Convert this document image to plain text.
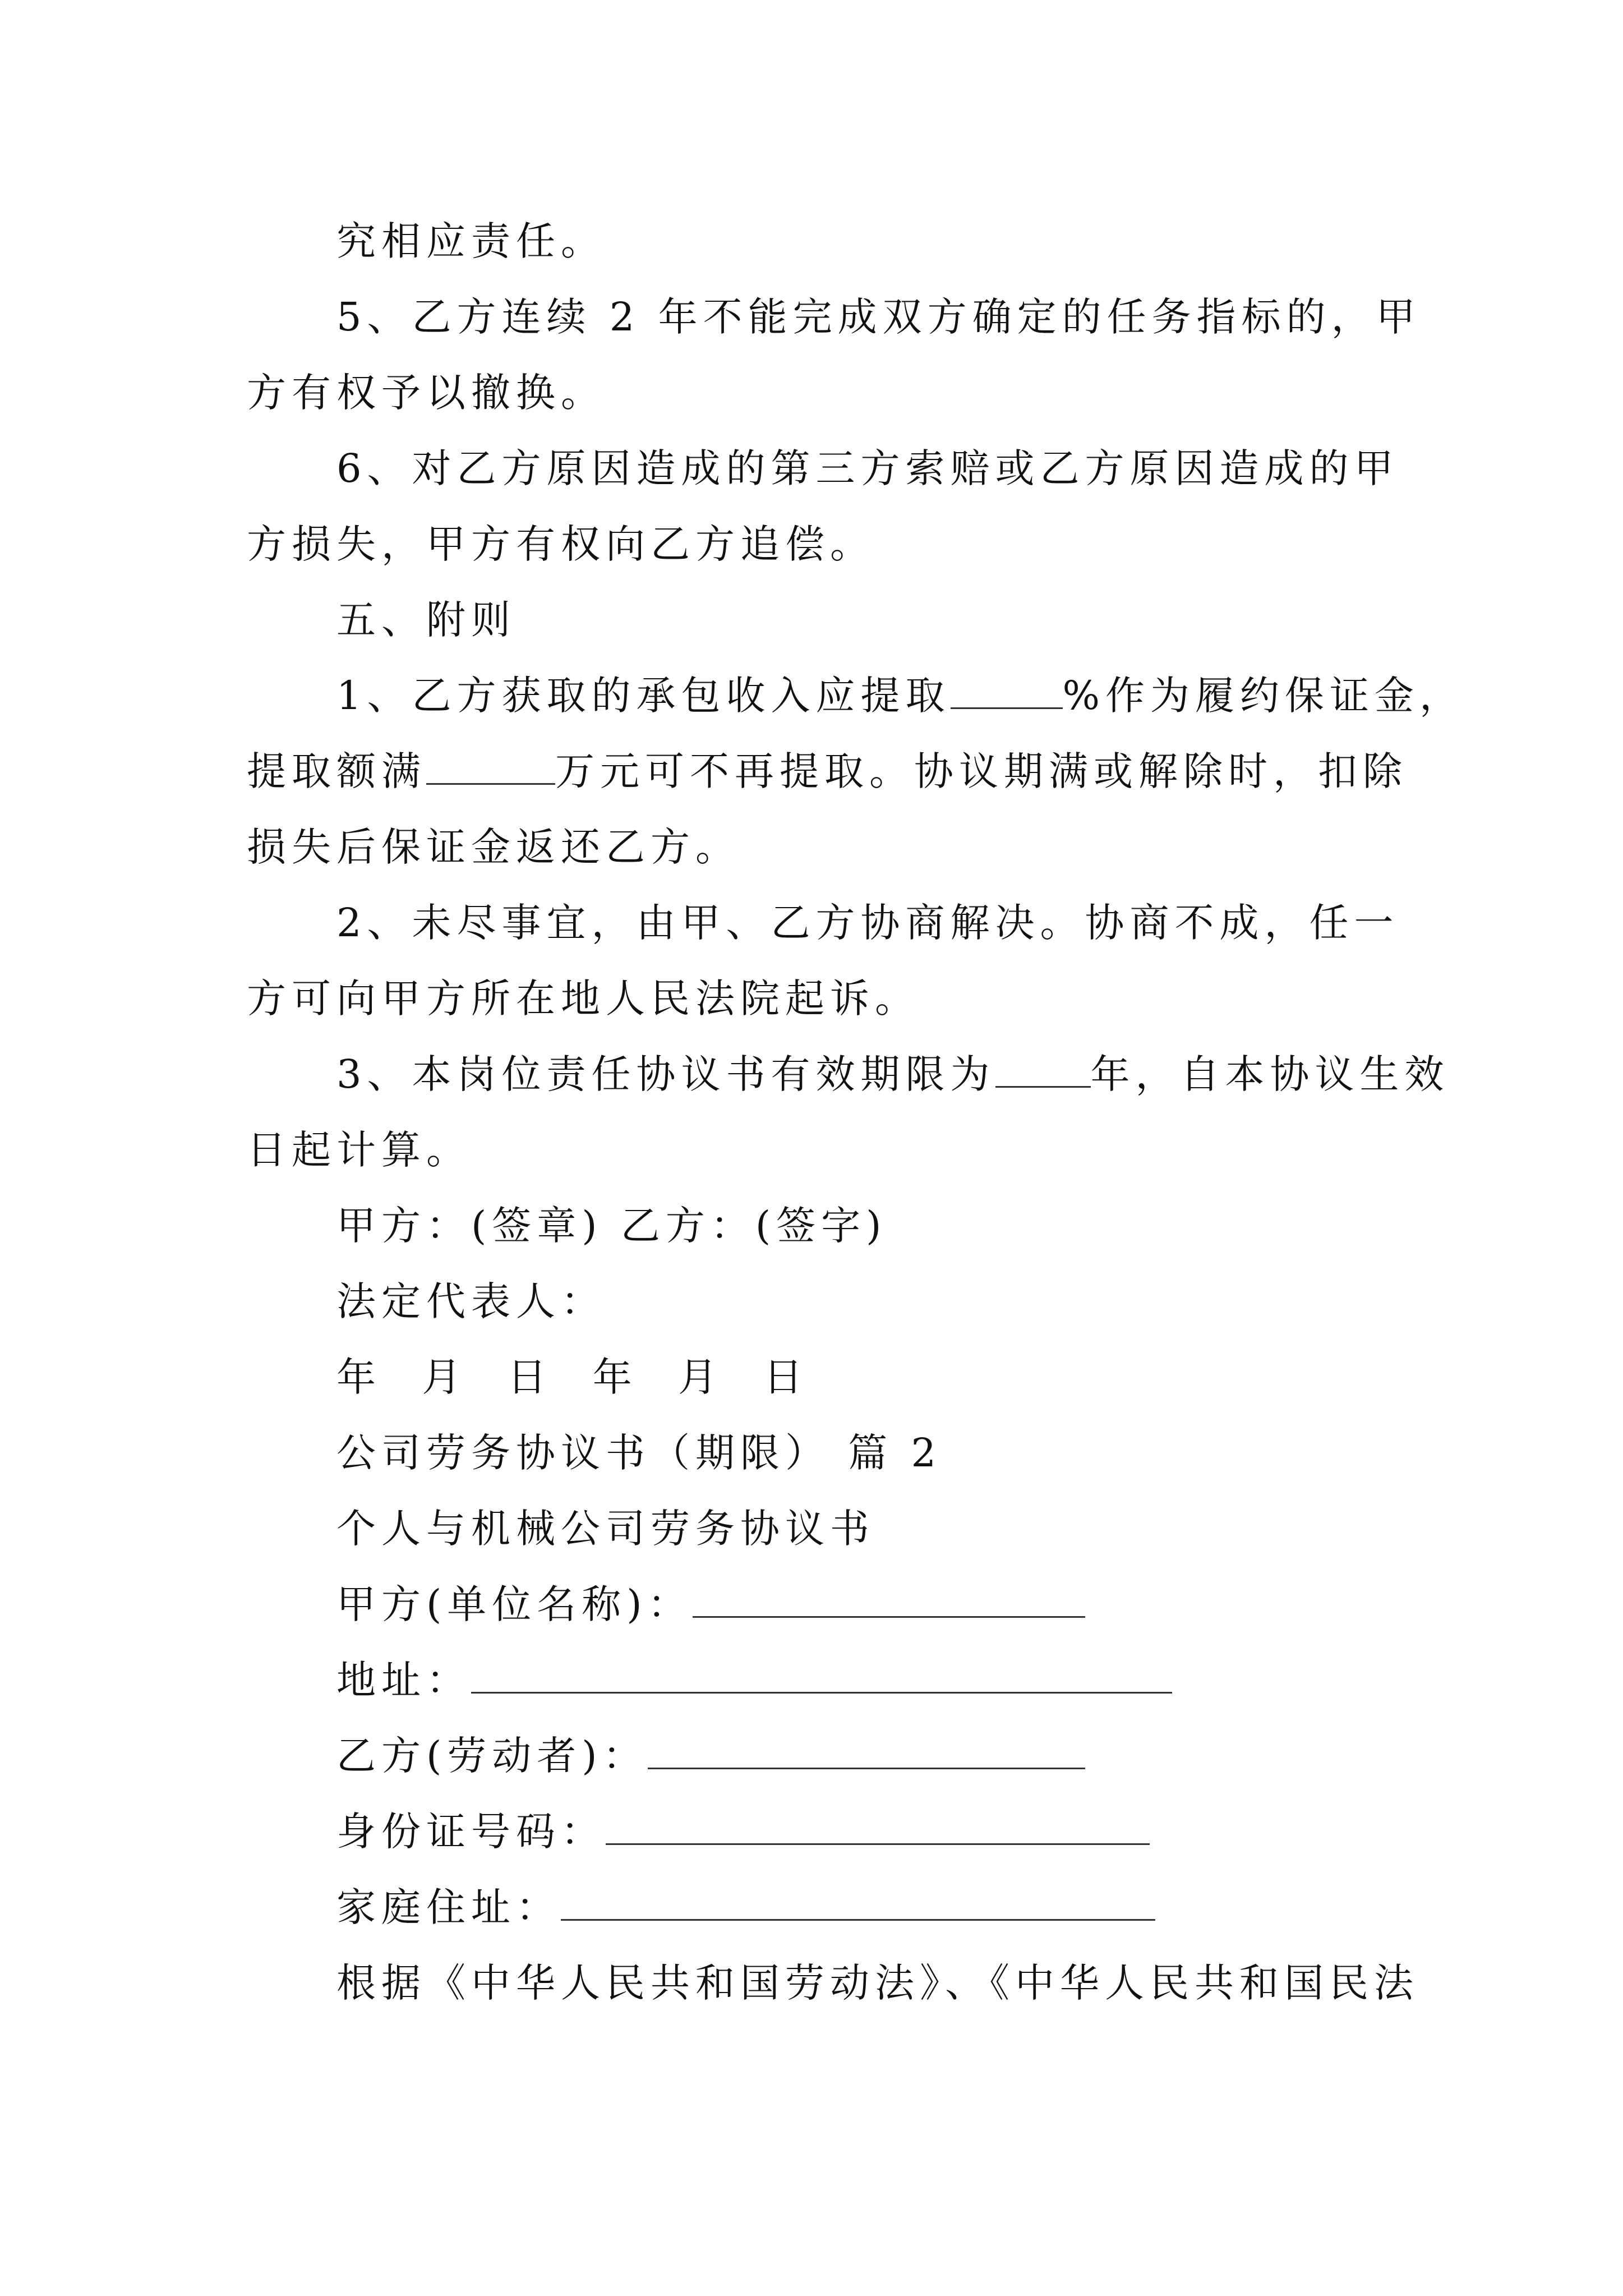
究相应责任。
5、乙方连续 2 年不能完成双方确定的任务指标的，甲
方有权予以撤换。
6、对乙方原因造成的第三方索赔或乙方原因造成的甲
方损失，甲方有权向乙方追偿。
五、附则
1、乙方获取的承包收入应提取	%作为履约保证金，
提取额满	万元可不再提取。协议期满或解除时，扣除
损失后保证金返还乙方。
2、未尽事宜，由甲、乙方协商解决。协商不成，任一
方可向甲方所在地人民法院起诉。
3、本岗位责任协议书有效期限为 年，自本协议生效
日起计算。
甲方：(签章) 乙方：(签字)
法定代表人：
年 月 日 年 月 日
公司劳务协议书（期限） 篇 2
个人与机械公司劳务协议书
甲方(单位名称)：
地址：
乙方(劳动者)：
身份证号码：
家庭住址：
根据《中华人民共和国劳动法》、《中华人民共和国民法
